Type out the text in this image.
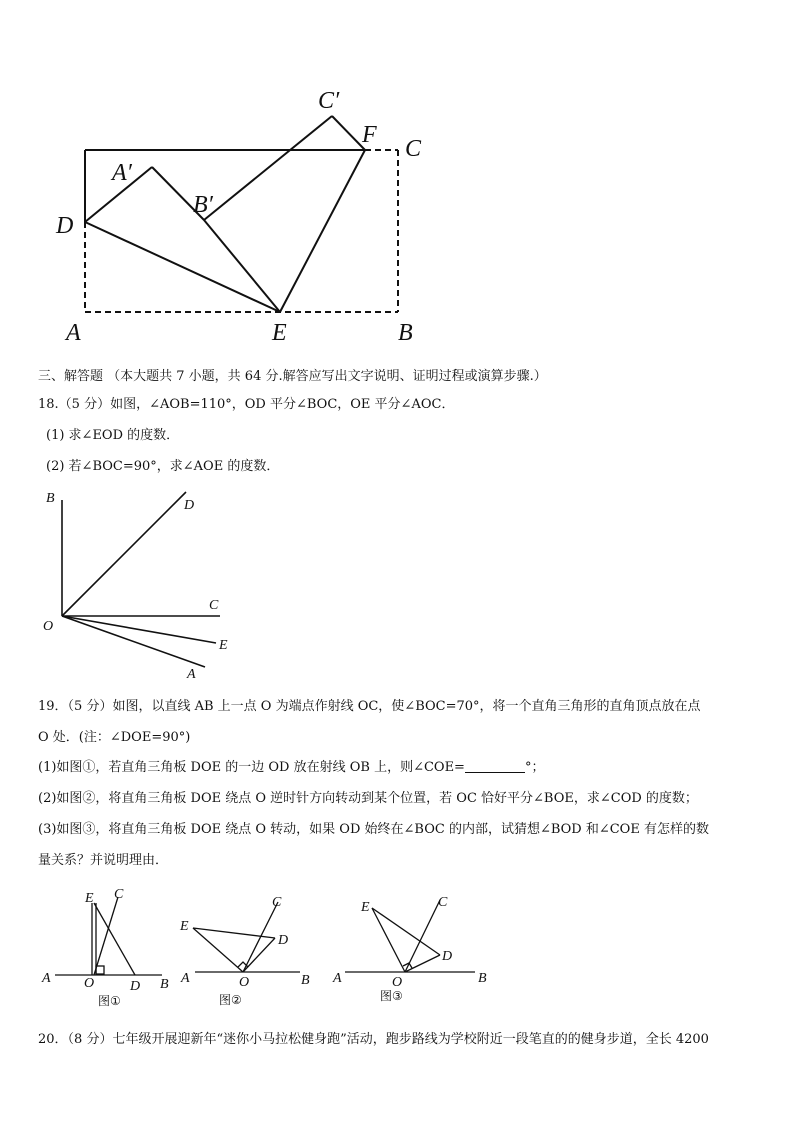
C′
F
C
A′
B′
D
A	E	B
三、解答题 （本大题共 7 小题，共 64 分.解答应写出文字说明、证明过程或演算步骤.）
18.（5 分）如图，∠AOB=110°，OD 平分∠BOC，OE 平分∠AOC．
(1) 求∠EOD 的度数．
(2) 若∠BOC=90°，求∠AOE 的度数．
B	D
C
O
E
A
19．（5 分）如图，以直线 AB 上一点 O 为端点作射线 OC，使∠BOC=70°，将一个直角三角形的直角顶点放在点
O 处．(注：∠DOE=90°)
(1)如图①，若直角三角板 DOE 的一边 OD 放在射线 OB 上，则∠COE=	°；
(2)如图②，将直角三角板 DOE 绕点 O 逆时针方向转动到某个位置，若 OC 恰好平分∠BOE，求∠COD 的度数；
(3)如图③，将直角三角板 DOE 绕点 O 转动，如果 OD 始终在∠BOC 的内部，试猜想∠BOD 和∠COE 有怎样的数
量关系？并说明理由．
E C
A O	D B
图①
E
C
D
A	O	B
图②
E	C
D
A	O	B
图③
20．（8 分）七年级开展迎新年“迷你小马拉松健身跑”活动，跑步路线为学校附近一段笔直的的健身步道，全长 4200
